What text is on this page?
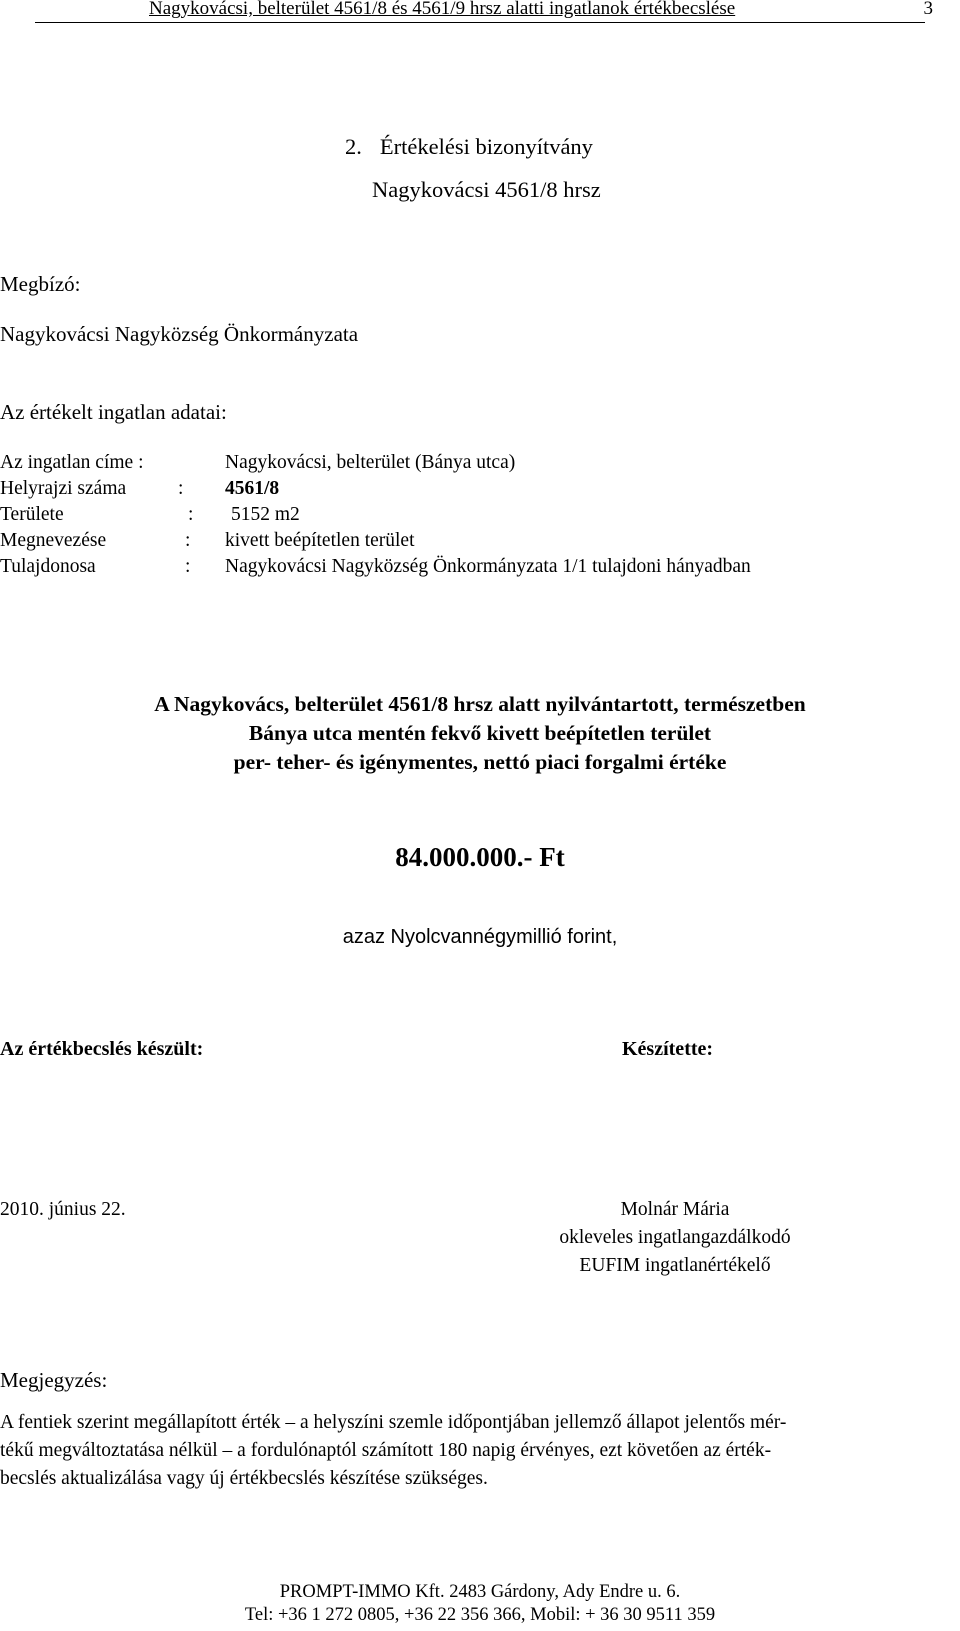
Nagykovácsi, belterület 4561/8 és 4561/9 hrsz alatti ingatlanok értékbecslése	3
2. Értékelési bizonyítvány
Nagykovácsi 4561/8 hrsz
Megbízó:
Nagykovácsi Nagyközség Önkormányzata
Az értékelt ingatlan adatai:
Az ingatlan címe :	Nagykovácsi, belterület (Bánya utca)
Helyrajzi száma	: 4561/8
Területe	: 5152 m2
Megnevezése	: kivett beépítetlen terület
Tulajdonosa	: Nagykovácsi Nagyközség Önkormányzata 1/1 tulajdoni hányadban
A Nagykovács, belterület 4561/8 hrsz alatt nyilvántartott, természetben
Bánya utca mentén fekvő kivett beépítetlen terület
per- teher- és igénymentes, nettó piaci forgalmi értéke
84.000.000.- Ft
azaz Nyolcvannégymillió forint,
Az értékbecslés készült:	Készítette:
2010. június 22.	Molnár Mária
okleveles ingatlangazdálkodó
EUFIM ingatlanértékelő
Megjegyzés:
A fentiek szerint megállapított érték – a helyszíni szemle időpontjában jellemző állapot jelentős mér-
tékű megváltoztatása nélkül – a fordulónaptól számított 180 napig érvényes, ezt követően az érték-
becslés aktualizálása vagy új értékbecslés készítése szükséges.
PROMPT-IMMO Kft. 2483 Gárdony, Ady Endre u. 6.
Tel: +36 1 272 0805, +36 22 356 366, Mobil: + 36 30 9511 359
